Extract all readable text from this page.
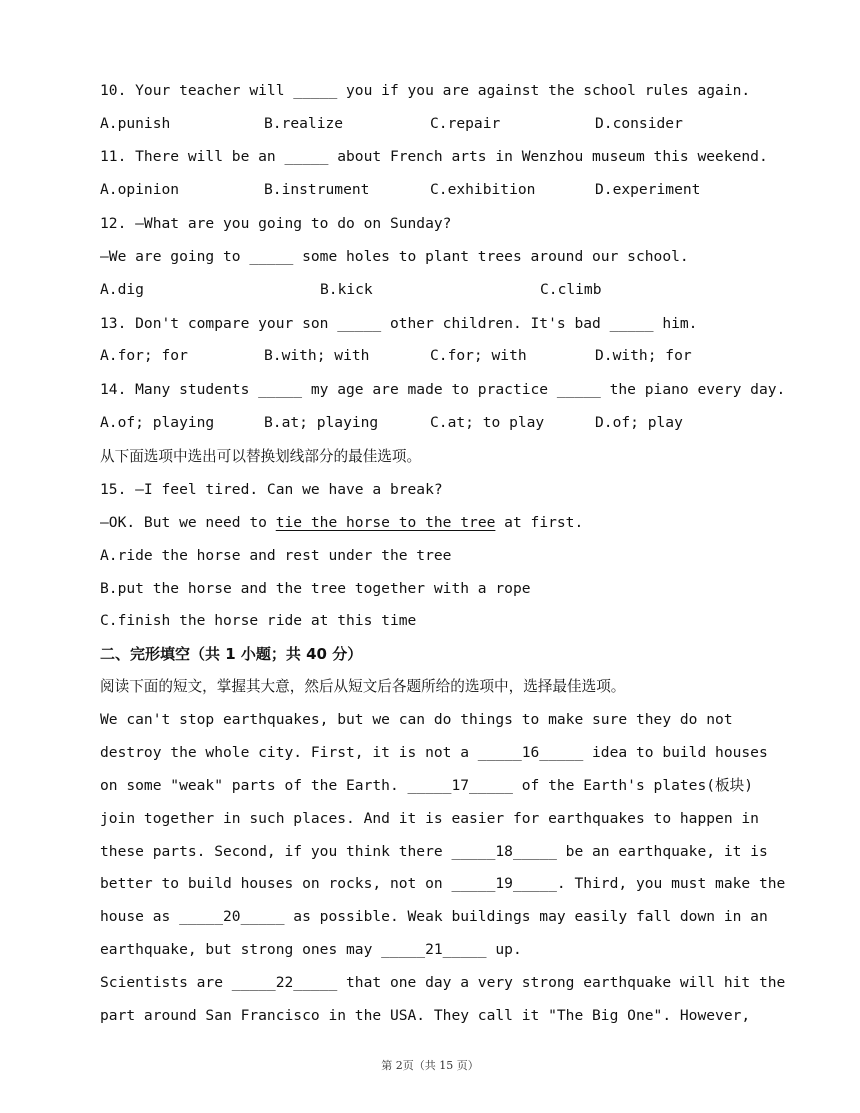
10. Your teacher will _____ you if you are against the school rules again.
A.punish	B.realize	C.repair	D.consider
11. There will be an _____ about French arts in Wenzhou museum this weekend.
A.opinion	B.instrument	C.exhibition	D.experiment
12. —What are you going to do on Sunday?
—We are going to _____ some holes to plant trees around our school.
A.dig	B.kick	C.climb
13. Don't compare your son _____ other children. It's bad _____ him.
A.for; for	B.with; with	C.for; with	D.with; for
14. Many students _____ my age are made to practice _____ the piano every day.
A.of; playing	B.at; playing	C.at; to play	D.of; play
从下面选项中选出可以替换划线部分的最佳选项。
15. —I feel tired. Can we have a break?
—OK. But we need to tie the horse to the tree at first.
A.ride the horse and rest under the tree
B.put the horse and the tree together with a rope
C.finish the horse ride at this time
二、完形填空（共 1 小题；共 40 分）
阅读下面的短文，掌握其大意，然后从短文后各题所给的选项中，选择最佳选项。
We can't stop earthquakes, but we can do things to make sure they do not
destroy the whole city. First, it is not a _____16_____ idea to build houses
on some "weak" parts of the Earth. _____17_____ of the Earth's plates(板块)
join together in such places. And it is easier for earthquakes to happen in
these parts. Second, if you think there _____18_____ be an earthquake, it is
better to build houses on rocks, not on _____19_____. Third, you must make the
house as _____20_____ as possible. Weak buildings may easily fall down in an
earthquake, but strong ones may _____21_____ up.
Scientists are _____22_____ that one day a very strong earthquake will hit the
part around San Francisco in the USA. They call it "The Big One". However,
第 2页（共 15 页）
